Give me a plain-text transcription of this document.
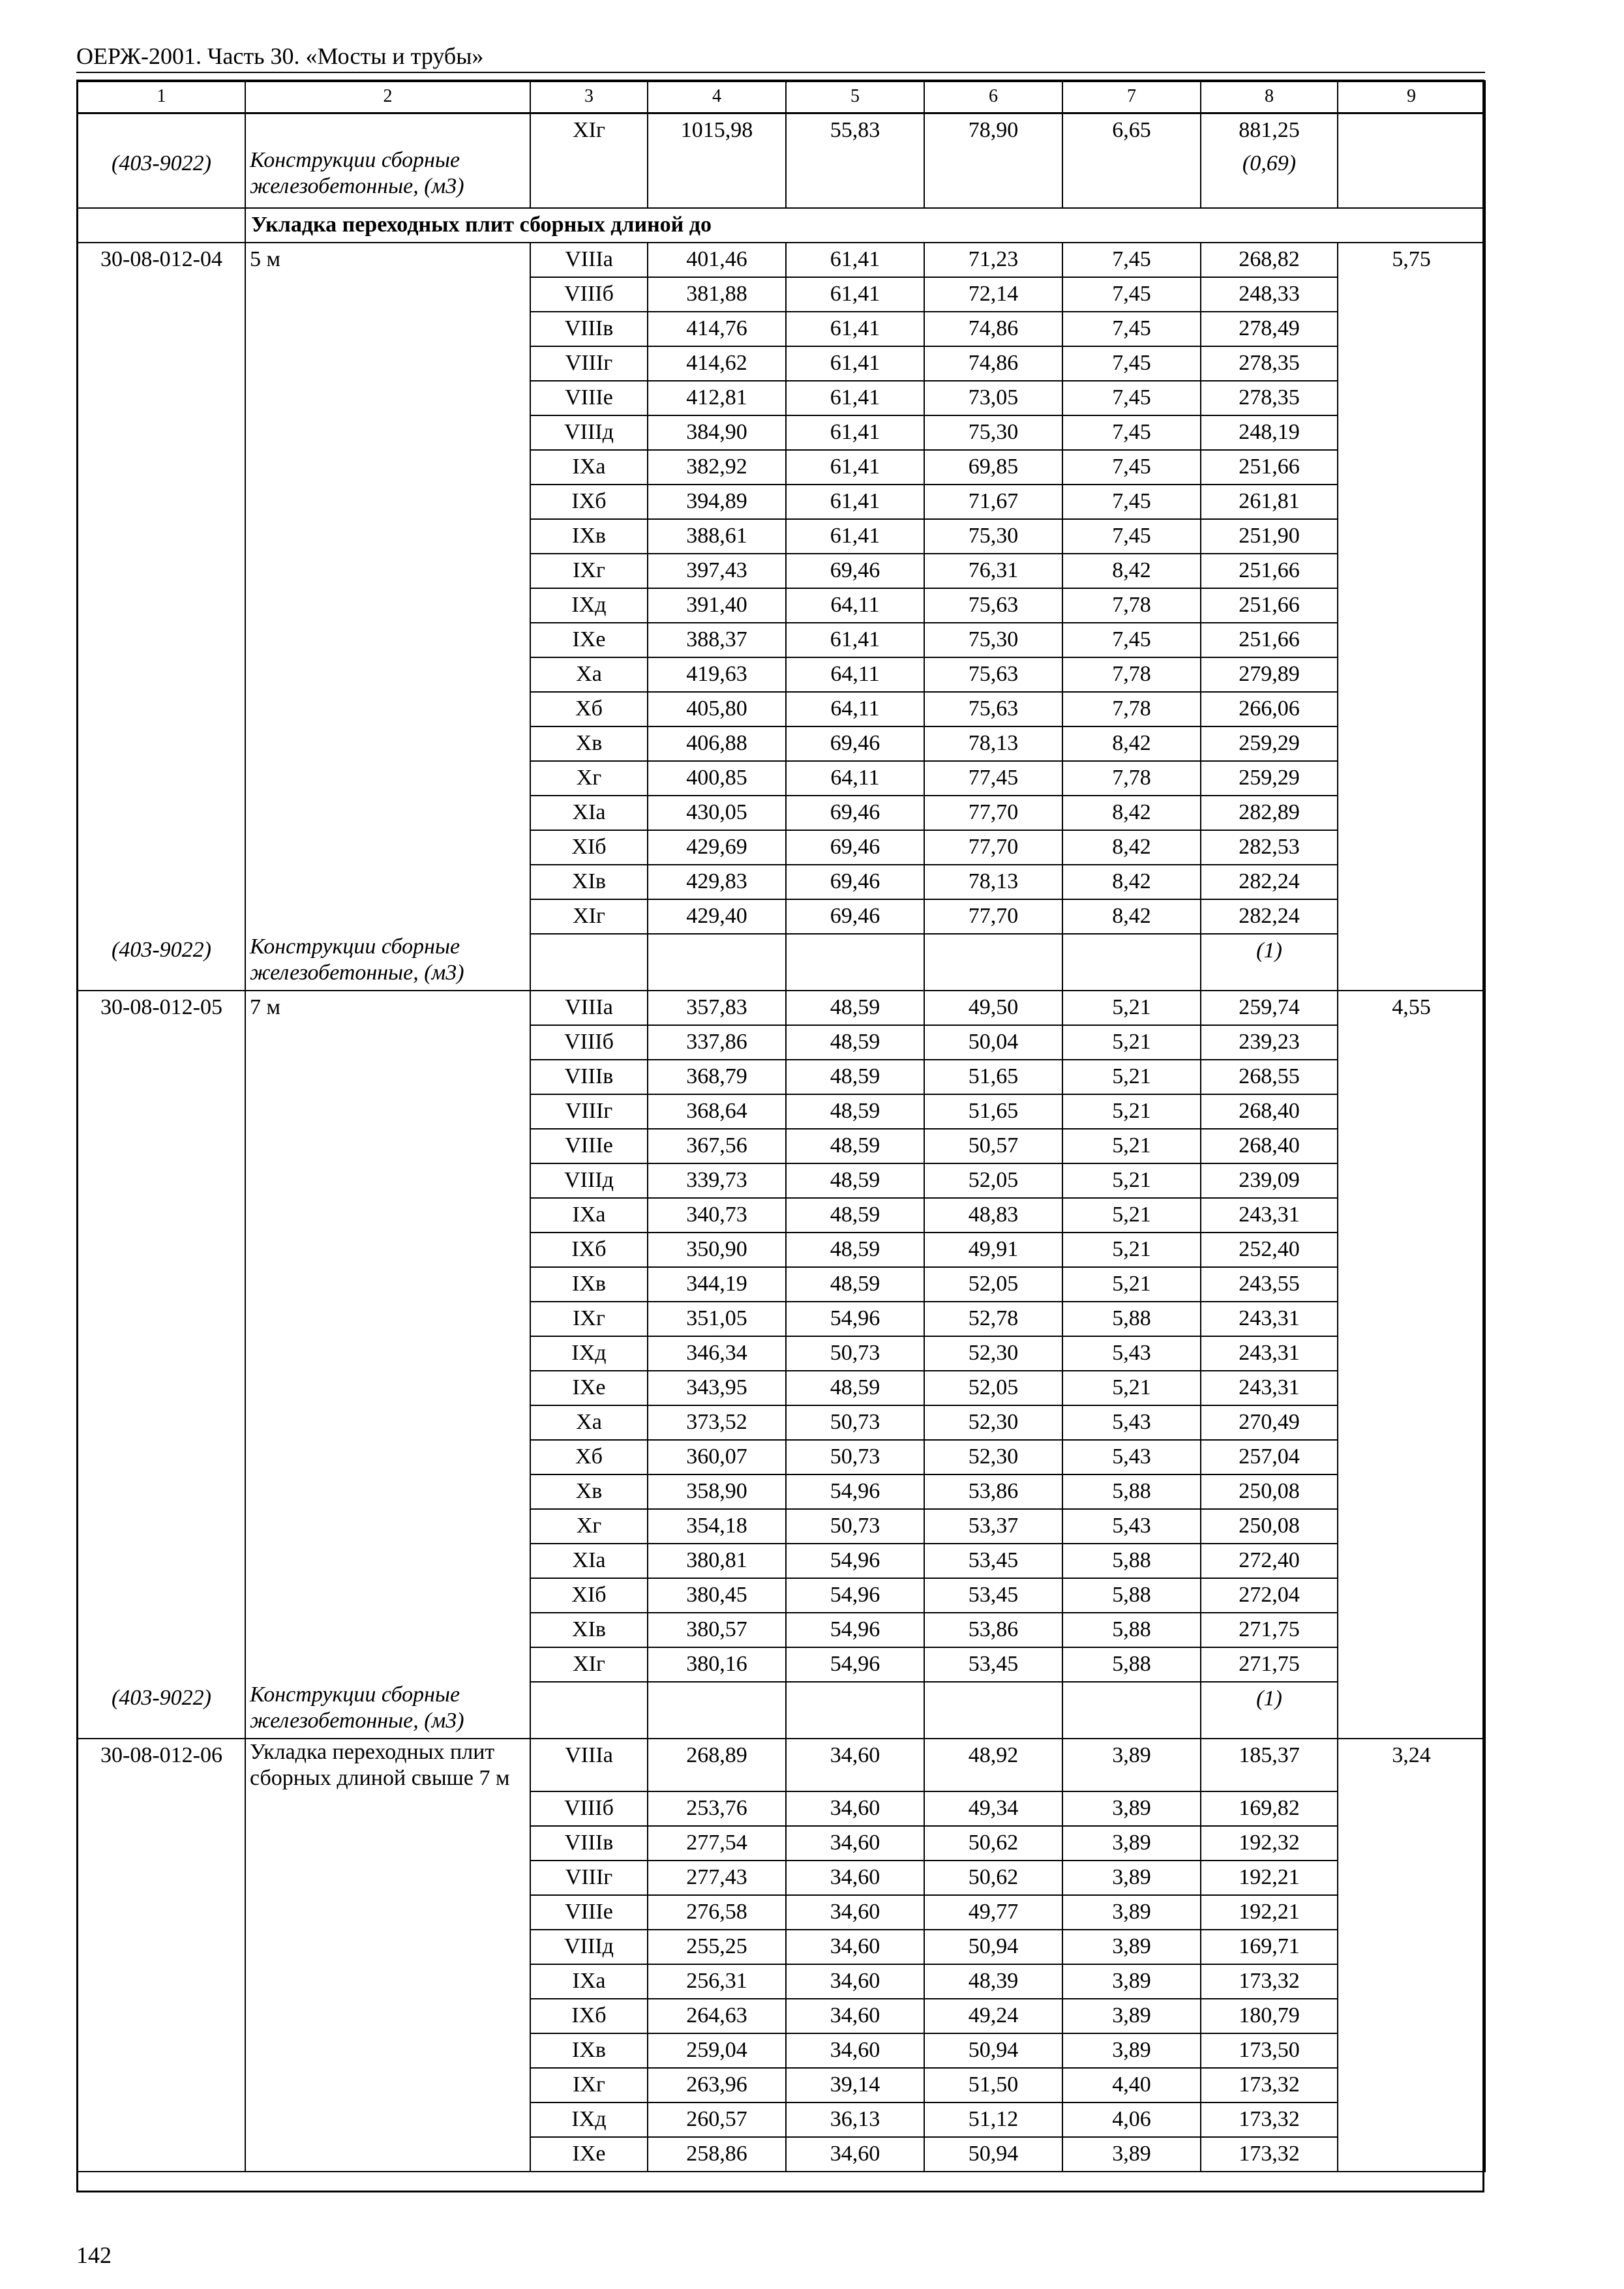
ОЕРЖ-2001. Часть 30. «Мосты и трубы»
1	2	3	4	5	6	7	8	9
		XIг	1015,98	55,83	78,90	6,65	881,25	
(403-9022)	Конструкции сборные железобетонные, (м3)						(0,69)	
	Укладка переходных плит сборных длиной до							
30-08-012-04	5 м	VIIIа	401,46	61,41	71,23	7,45	268,82	5,75
		VIIIб	381,88	61,41	72,14	7,45	248,33	
		VIIIв	414,76	61,41	74,86	7,45	278,49	
		VIIIг	414,62	61,41	74,86	7,45	278,35	
		VIIIе	412,81	61,41	73,05	7,45	278,35	
		VIIIд	384,90	61,41	75,30	7,45	248,19	
		IXа	382,92	61,41	69,85	7,45	251,66	
		IXб	394,89	61,41	71,67	7,45	261,81	
		IXв	388,61	61,41	75,30	7,45	251,90	
		IXг	397,43	69,46	76,31	8,42	251,66	
		IXд	391,40	64,11	75,63	7,78	251,66	
		IXе	388,37	61,41	75,30	7,45	251,66	
		Xа	419,63	64,11	75,63	7,78	279,89	
		Xб	405,80	64,11	75,63	7,78	266,06	
		Xв	406,88	69,46	78,13	8,42	259,29	
		Xг	400,85	64,11	77,45	7,78	259,29	
		XIа	430,05	69,46	77,70	8,42	282,89	
		XIб	429,69	69,46	77,70	8,42	282,53	
		XIв	429,83	69,46	78,13	8,42	282,24	
		XIг	429,40	69,46	77,70	8,42	282,24	
(403-9022)	Конструкции сборные железобетонные, (м3)						(1)	
30-08-012-05	7 м	VIIIа	357,83	48,59	49,50	5,21	259,74	4,55
		VIIIб	337,86	48,59	50,04	5,21	239,23	
		VIIIв	368,79	48,59	51,65	5,21	268,55	
		VIIIг	368,64	48,59	51,65	5,21	268,40	
		VIIIе	367,56	48,59	50,57	5,21	268,40	
		VIIIд	339,73	48,59	52,05	5,21	239,09	
		IXа	340,73	48,59	48,83	5,21	243,31	
		IXб	350,90	48,59	49,91	5,21	252,40	
		IXв	344,19	48,59	52,05	5,21	243,55	
		IXг	351,05	54,96	52,78	5,88	243,31	
		IXд	346,34	50,73	52,30	5,43	243,31	
		IXе	343,95	48,59	52,05	5,21	243,31	
		Xа	373,52	50,73	52,30	5,43	270,49	
		Xб	360,07	50,73	52,30	5,43	257,04	
		Xв	358,90	54,96	53,86	5,88	250,08	
		Xг	354,18	50,73	53,37	5,43	250,08	
		XIа	380,81	54,96	53,45	5,88	272,40	
		XIб	380,45	54,96	53,45	5,88	272,04	
		XIв	380,57	54,96	53,86	5,88	271,75	
		XIг	380,16	54,96	53,45	5,88	271,75	
(403-9022)	Конструкции сборные железобетонные, (м3)						(1)	
30-08-012-06	Укладка переходных плит сборных длиной свыше 7 м	VIIIа	268,89	34,60	48,92	3,89	185,37	3,24
		VIIIб	253,76	34,60	49,34	3,89	169,82	
		VIIIв	277,54	34,60	50,62	3,89	192,32	
		VIIIг	277,43	34,60	50,62	3,89	192,21	
		VIIIе	276,58	34,60	49,77	3,89	192,21	
		VIIIд	255,25	34,60	50,94	3,89	169,71	
		IXа	256,31	34,60	48,39	3,89	173,32	
		IXб	264,63	34,60	49,24	3,89	180,79	
		IXв	259,04	34,60	50,94	3,89	173,50	
		IXг	263,96	39,14	51,50	4,40	173,32	
		IXд	260,57	36,13	51,12	4,06	173,32	
		IXе	258,86	34,60	50,94	3,89	173,32	
142
